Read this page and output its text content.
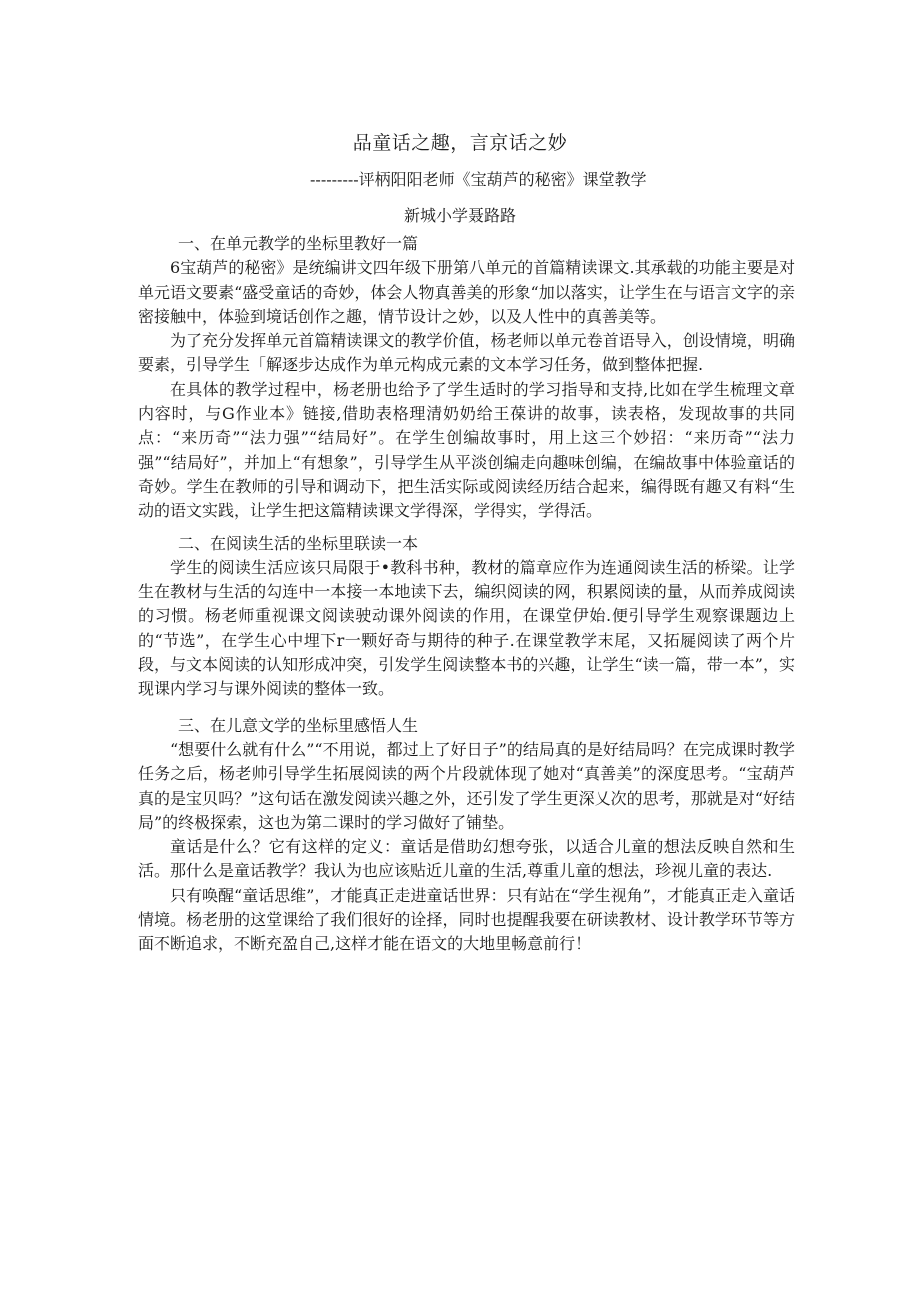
品童话之趣，言京话之妙
---------评柄阳阳老师《宝葫芦的秘密》课堂教学
新城小学聂路路

一、在单元教学的坐标里教好一篇

6宝葫芦的秘密》是统编讲文四年级下册第八单元的首篇精读课文.其承载的功能主要是对单元语文要素“盛受童话的奇妙，体会人物真善美的形象“加以落实，让学生在与语言文字的亲密接触中，体验到境话创作之趣，情节设计之妙，以及人性中的真善美等。

为了充分发挥单元首篇精读课文的教学价值，杨老师以单元卷首语导入，创设情境，明确要素，引导学生「解逐步达成作为单元构成元素的文本学习任务，做到整体把握.

在具体的教学过程中，杨老册也给予了学生适时的学习指导和支持,比如在学生梳理文章内容时，与G作业本》链接,借助表格理清奶奶给王葆讲的故事，读表格，发现故事的共同点：“来历奇”“法力强”“结局好”。在学生创编故事时，用上这三个妙招：“来历奇”“法力强”“结局好”，并加上“有想象”，引导学生从平淡创编走向趣味创编，在编故事中体验童话的奇妙。学生在教师的引导和调动下，把生活实际或阅读经历结合起来，编得既有趣又有料“生动的语文实践，让学生把这篇精读课文学得深，学得实，学得活。

二、在阅读生活的坐标里联读一本

学生的阅读生活应该只局限于•教科书种，教材的篇章应作为连通阅读生活的桥梁。让学生在教材与生活的勾连中一本接一本地读下去，编织阅读的网，积累阅读的量，从而养成阅读的习惯。杨老师重视课文阅读驶动课外阅读的作用，在课堂伊始.便引导学生观察课题边上的“节选”，在学生心中埋下r一颗好奇与期待的种子.在课堂教学末尾，又拓屣阅读了两个片段，与文本阅读的认知形成冲突，引发学生阅读整本书的兴趣，让学生“读一篇，带一本”，实现课内学习与课外阅读的整体一致。

三、在儿意文学的坐标里感悟人生

“想要什么就有什么”“不用说，都过上了好日子”的结局真的是好结局吗？在完成课时教学任务之后，杨老帅引导学生拓展阅读的两个片段就体现了她对“真善美”的深度思考。“宝葫芦真的是宝贝吗？”这句话在激发阅读兴趣之外，还引发了学生更深乂次的思考，那就是对“好结局”的终极探索，这也为第二课时的学习做好了铺垫。

童话是什么？它有这样的定义：童话是借助幻想夸张，以适合儿童的想法反映自然和生活。那什么是童话教学？我认为也应该贴近儿童的生活,尊重儿童的想法，珍视儿童的表达.

只有唤醒“童话思维”，才能真正走进童话世界：只有站在“学生视角”，才能真正走入童话情境。杨老册的这堂课给了我们很好的诠择，同时也提醒我要在研读教材、设计教学环节等方面不断追求，不断充盈自己,这样才能在语文的大地里畅意前行！
